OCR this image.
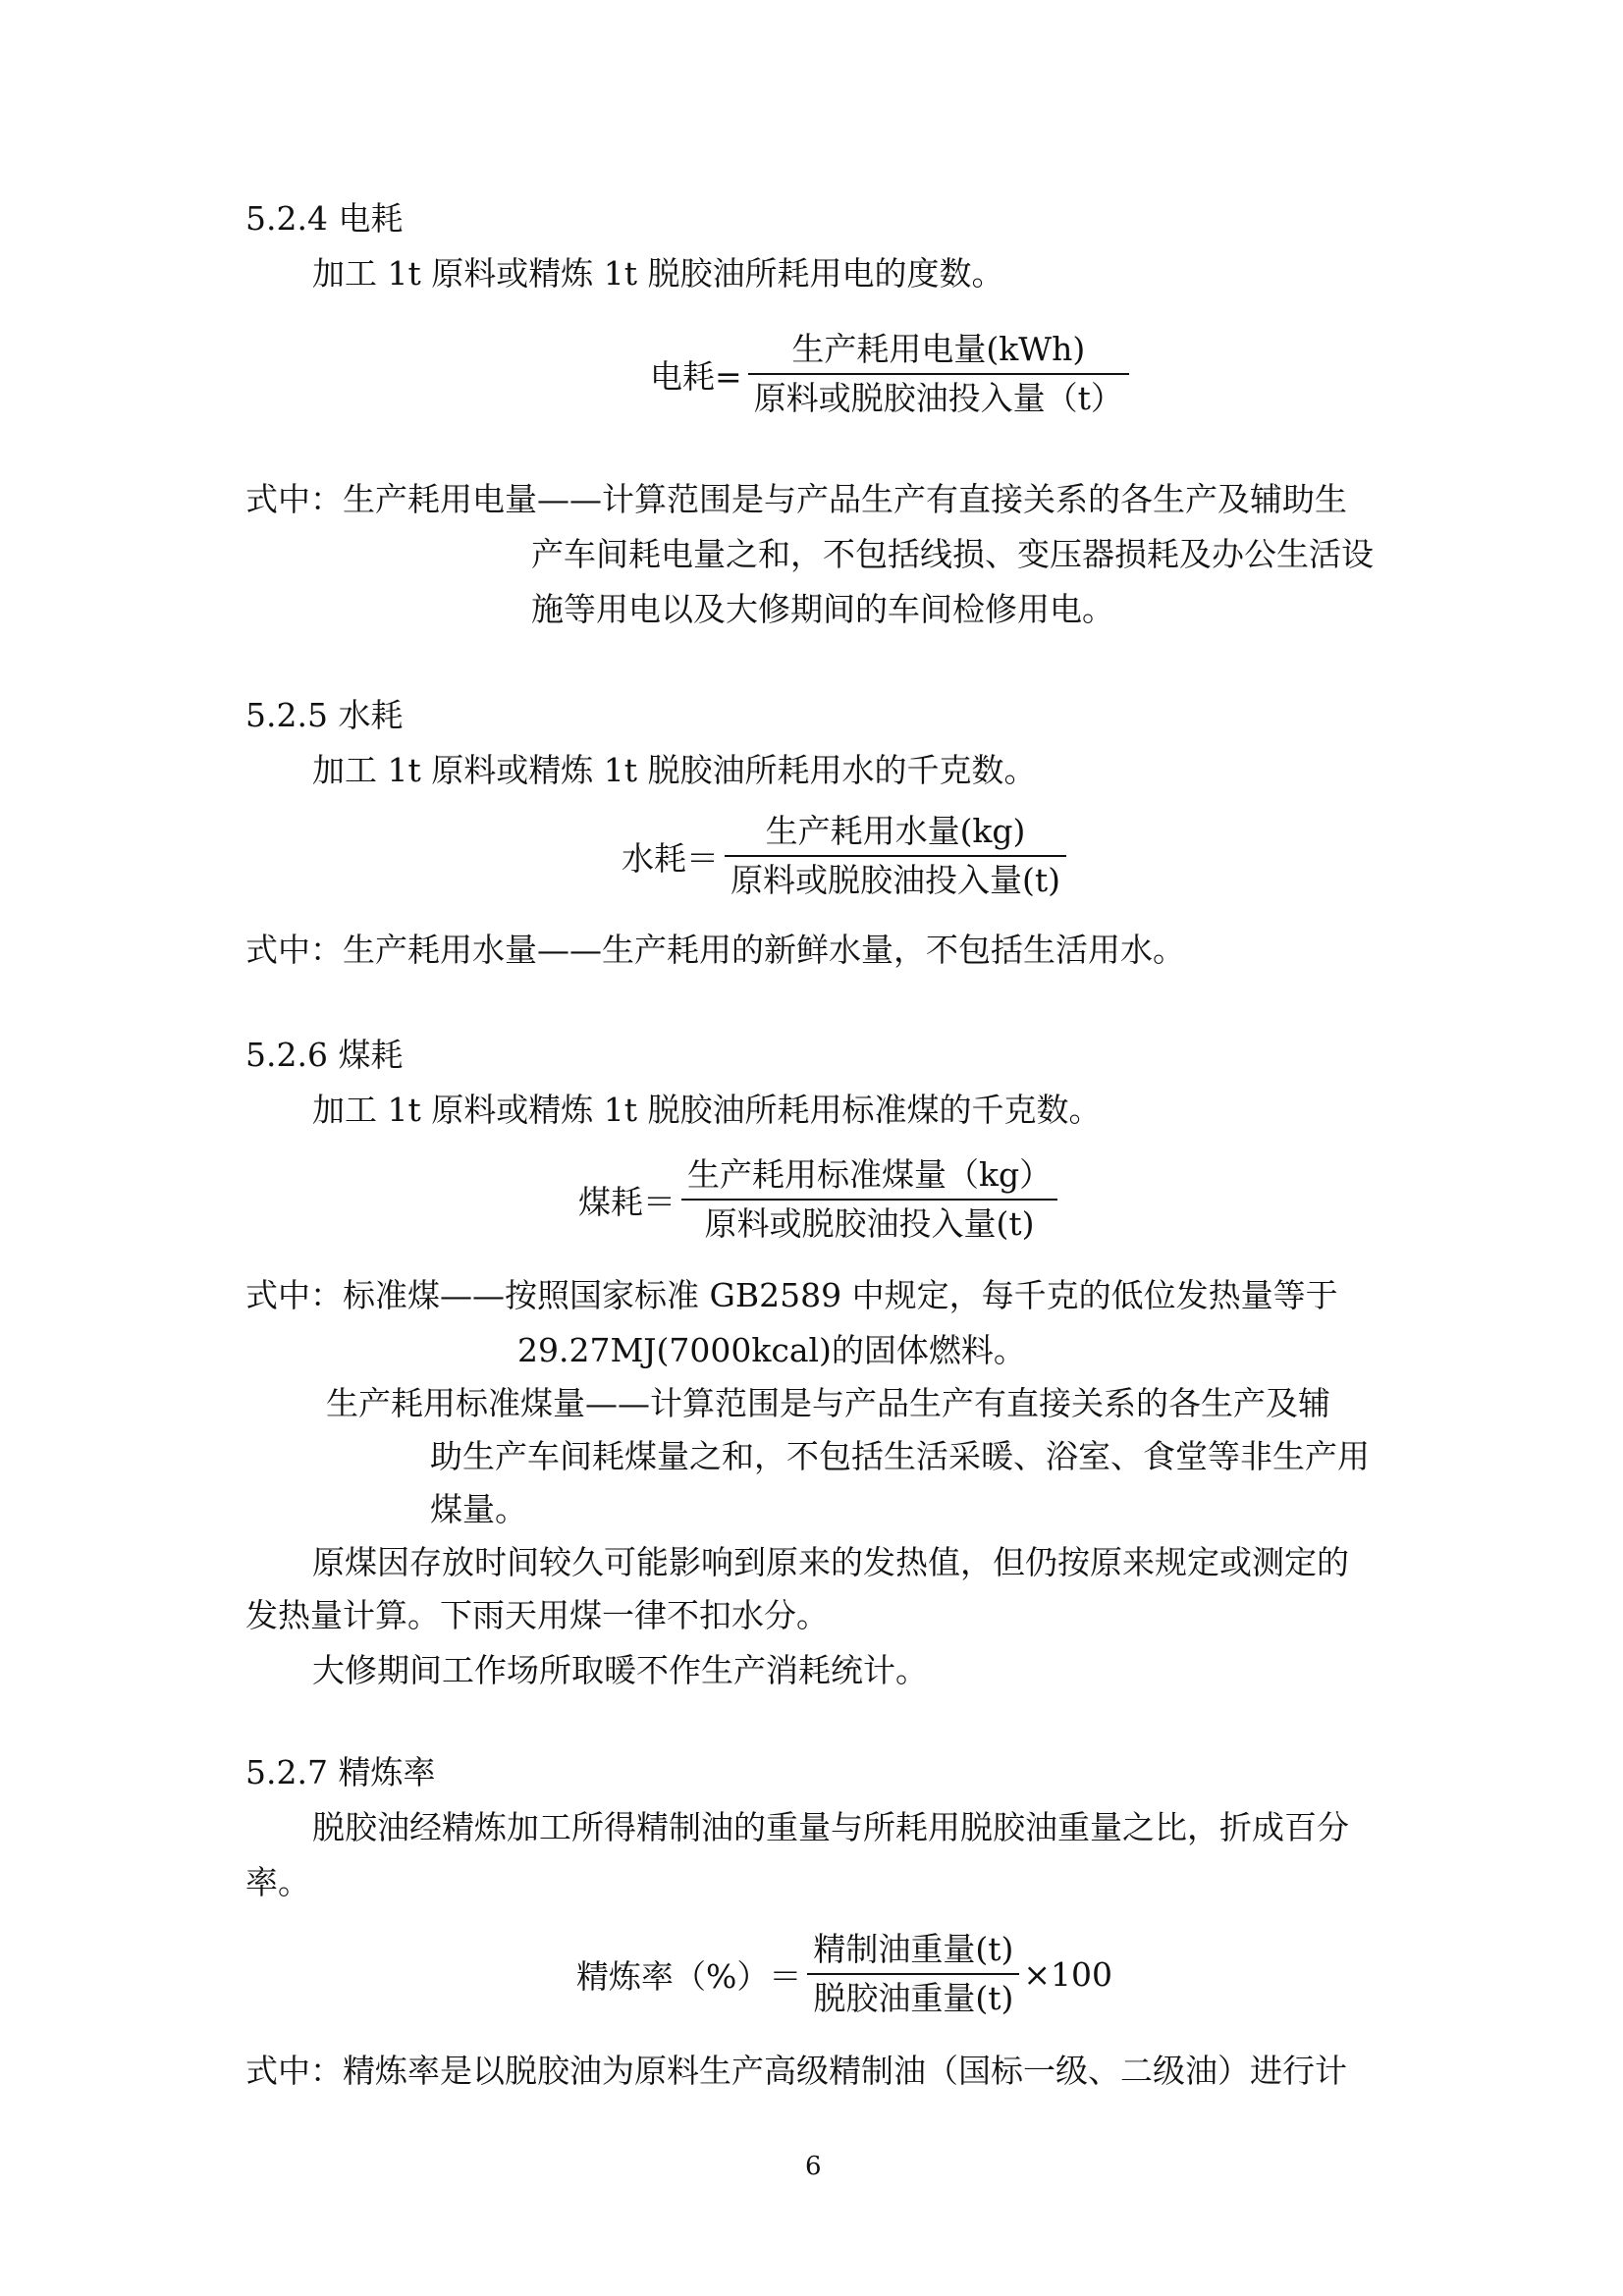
5.2.4 电耗
加工 1t 原料或精炼 1t 脱胶油所耗用电的度数。
电耗= $\frac{\text{生产耗用电量(kWh)}}{\text{原料或脱胶油投入量（t）}}$
式中：生产耗用电量——计算范围是与产品生产有直接关系的各生产及辅助生
产车间耗电量之和，不包括线损、变压器损耗及办公生活设
施等用电以及大修期间的车间检修用电。
5.2.5 水耗
加工 1t 原料或精炼 1t 脱胶油所耗用水的千克数。
水耗＝ $\frac{\text{生产耗用水量(kg)}}{\text{原料或脱胶油投入量(t)}}$
式中：生产耗用水量——生产耗用的新鲜水量，不包括生活用水。
5.2.6 煤耗
加工 1t 原料或精炼 1t 脱胶油所耗用标准煤的千克数。
煤耗＝ $\frac{\text{生产耗用标准煤量（kg）}}{\text{原料或脱胶油投入量(t)}}$
式中：标准煤——按照国家标准 GB2589 中规定，每千克的低位发热量等于
29.27MJ(7000kcal)的固体燃料。
生产耗用标准煤量——计算范围是与产品生产有直接关系的各生产及辅
助生产车间耗煤量之和，不包括生活采暖、浴室、食堂等非生产用
煤量。
原煤因存放时间较久可能影响到原来的发热值，但仍按原来规定或测定的
发热量计算。下雨天用煤一律不扣水分。
大修期间工作场所取暖不作生产消耗统计。
5.2.7 精炼率
脱胶油经精炼加工所得精制油的重量与所耗用脱胶油重量之比，折成百分
率。
精炼率（%）＝ $\frac{\text{精制油重量(t)}}{\text{脱胶油重量(t)}} \times 100$
式中：精炼率是以脱胶油为原料生产高级精制油（国标一级、二级油）进行计
6
